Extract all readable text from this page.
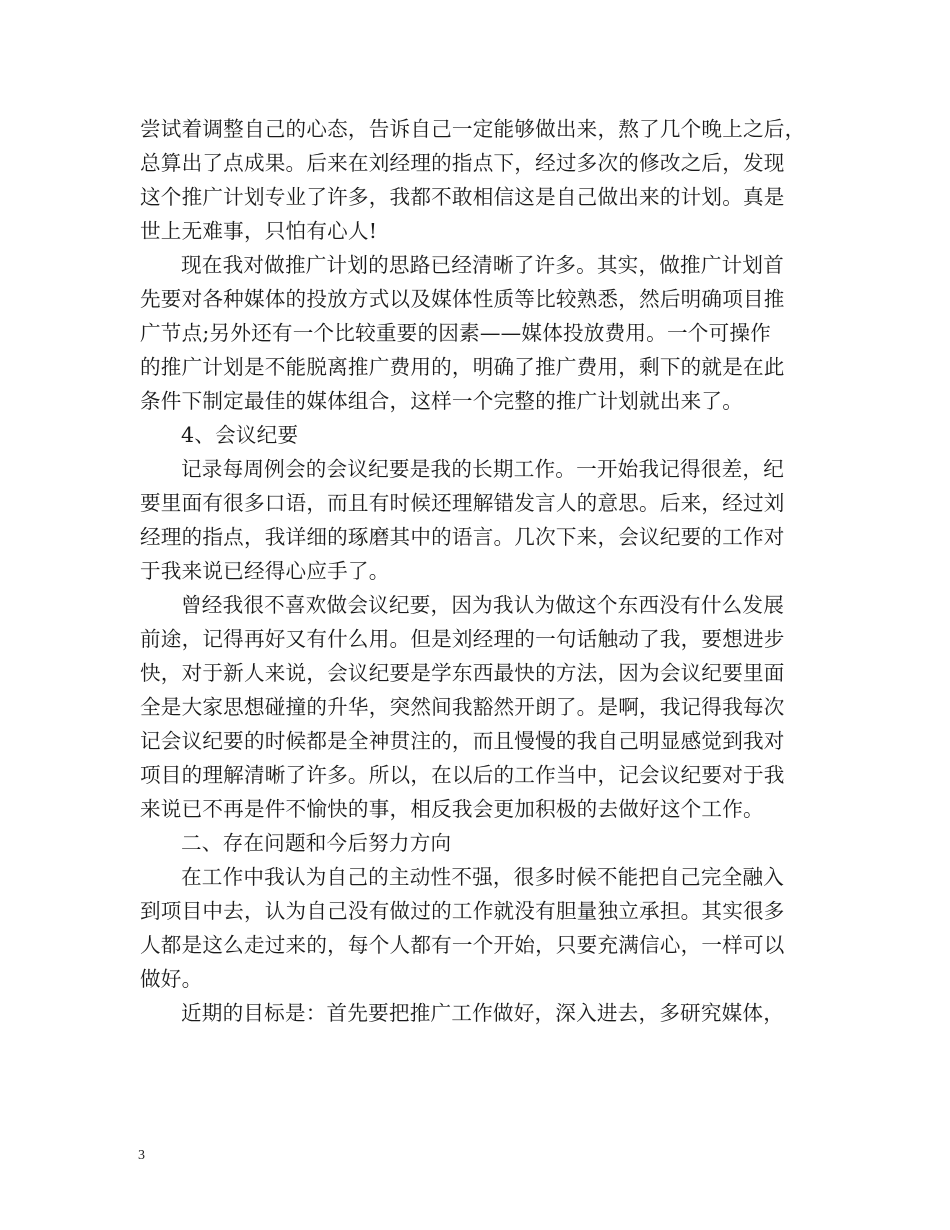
尝试着调整自己的心态，告诉自己一定能够做出来，熬了几个晚上之后，
总算出了点成果。后来在刘经理的指点下，经过多次的修改之后，发现
这个推广计划专业了许多，我都不敢相信这是自己做出来的计划。真是
世上无难事，只怕有心人!
现在我对做推广计划的思路已经清晰了许多。其实，做推广计划首
先要对各种媒体的投放方式以及媒体性质等比较熟悉，然后明确项目推
广节点;另外还有一个比较重要的因素——媒体投放费用。一个可操作
的推广计划是不能脱离推广费用的，明确了推广费用，剩下的就是在此
条件下制定最佳的媒体组合，这样一个完整的推广计划就出来了。
4、会议纪要
记录每周例会的会议纪要是我的长期工作。一开始我记得很差，纪
要里面有很多口语，而且有时候还理解错发言人的意思。后来，经过刘
经理的指点，我详细的琢磨其中的语言。几次下来，会议纪要的工作对
于我来说已经得心应手了。
曾经我很不喜欢做会议纪要，因为我认为做这个东西没有什么发展
前途，记得再好又有什么用。但是刘经理的一句话触动了我，要想进步
快，对于新人来说，会议纪要是学东西最快的方法，因为会议纪要里面
全是大家思想碰撞的升华，突然间我豁然开朗了。是啊，我记得我每次
记会议纪要的时候都是全神贯注的，而且慢慢的我自己明显感觉到我对
项目的理解清晰了许多。所以，在以后的工作当中，记会议纪要对于我
来说已不再是件不愉快的事，相反我会更加积极的去做好这个工作。
二、存在问题和今后努力方向
在工作中我认为自己的主动性不强，很多时候不能把自己完全融入
到项目中去，认为自己没有做过的工作就没有胆量独立承担。其实很多
人都是这么走过来的，每个人都有一个开始，只要充满信心，一样可以
做好。
近期的目标是：首先要把推广工作做好，深入进去，多研究媒体，
3
